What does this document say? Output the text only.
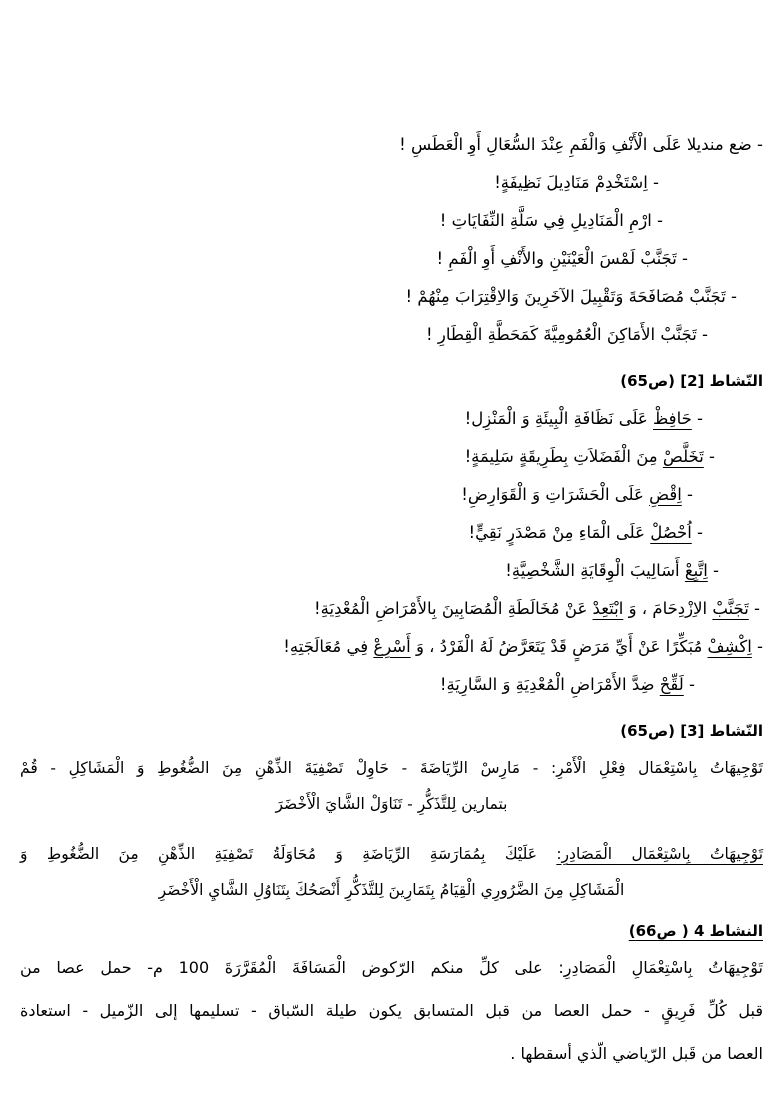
- ضع منديلا عَلَى الْأَنْفِ وَالْفَمِ عِنْدَ السُّعَالِ أَوِ الْعَطَسِ !
- اِسْتَخْدِمْ مَنَادِيلَ نَظِيفَةٍ!
- ارْمِ الْمَنَادِيلِ فِي سَلَّةِ النِّفَايَاتِ !
- تَجَنَّبْ لَمْسَ الْعَيْنَيْنِ والأَنْفِ أَوِ الْفَمِ !
- تَجَنَّبْ مُصَافَحَةَ وَتَقْبِيلَ الآخَرِينَ وَالاِقْتِرَابَ مِنْهُمْ !
- تَجَنَّبْ الأَمَاكِنَ الْعُمُومِيَّةَ كَمَحَطَّةِ الْقِطَارِ !
النّشاط [2] (ص65)
- حَافِظْ عَلَى نَظَافَةِ الْبِيئَةِ وَ الْمَنْزِل!
- تَخَلَّصْ مِنَ الْفَضَلاَتِ بِطَرِيقَةٍ سَلِيمَةٍ!
- اِقْضِ عَلَى الْحَشَرَاتِ وَ الْقَوَارِضِ!
- اُحْصُلْ عَلَى الْمَاءِ مِنْ مَصْدَرٍ نَقِيٍّ!
- اِتَّبِعْ أَسَالِيبَ الْوِقَايَةِ الشَّخْصِيَّةِ!
- تَجَنَّبْ الاِزْدِحَامَ ، وَ ابْتَعِدْ عَنْ مُخَالَطَةِ الْمُصَابِينَ بِالأَمْرَاضِ الْمُعْدِيَةِ!
- اِكْشِفْ مُبَكِّرًا عَنْ أَيِّ مَرَضٍ قَدْ يَتَعَرَّضُ لَهُ الْفَرْدُ ، وَ أَسْرِعْ فِي مُعَالَجَتِهِ!
- لَقِّحْ ضِدَّ الأَمْرَاضِ الْمُعْدِيَةِ وَ السَّارِيَةِ!
النّشاط [3] (ص65)
تَوْجِيهَاتُ بِاسْتِعْمَال فِعْلِ الْأَمْرِ: - مَارِسْ الرِّيَاضَةَ - حَاوِلْ تَصْفِيَةَ الذِّهْنِ مِنَ الضُّغُوطِ وَ الْمَشَاكِلِ - قُمْ
بتمارين لِلتَّذَكُّرِ - تَنَاوَلْ الشَّايَ الْأَخْضَرَ
تَوْجِيهَاتُ بِاسْتِعْمَال الْمَصَادِرِ: عَلَيْكَ بِمُمَارَسَةِ الرِّيَاضَةِ وَ مُحَاوَلَةُ تَصْفِيَةِ الذِّهْنِ مِنَ الضُّغُوطِ وَ
الْمَشَاكِلِ مِنَ الضَّرُورِي الْقِيَامُ بِتَمَارِينَ لِلتَّذَكُّرِ أَنْصَحُكَ بِتَنَاوُلِ الشَّايِ الْأَخْضَرِ
النشاط 4 ( ص66)
تَوْجِيهَاتُ بِاسْتِعْمَالِ الْمَصَادِرِ: على كلِّ منكم الرّكوض الْمَسَافَةَ الْمُقَرَّرَةَ 100 م- حمل عصا من
قبل كُلِّ فَرِيقٍ - حمل العصا من قبل المتسابق يكون طيلة السّباق - تسليمها إلى الزّميل - استعادة
العصا من قَبل الرّياضي الّذي أسقطها .
